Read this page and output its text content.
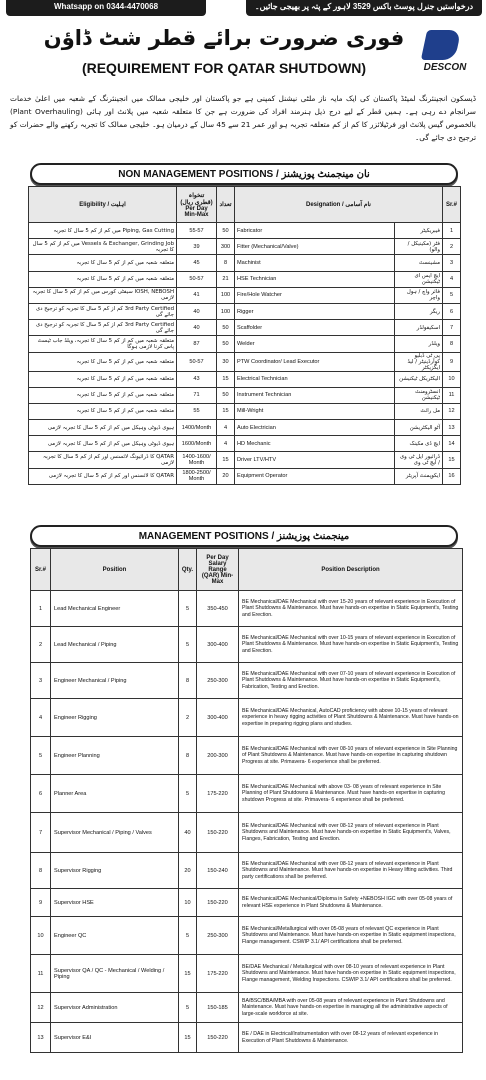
Whatsapp on 0344-4470068	درخواستیں جنرل پوسٹ باکس 3529 لاہور کے پتہ پر بھیجی جائیں۔
فوری ضرورت برائے قطر شٹ ڈاؤن
(REQUIREMENT FOR QATAR SHUTDOWN)	DESCON
ڈیسکون انجینئرنگ لمیٹڈ پاکستان کی ایک مایہ ناز ملٹی نیشنل کمپنی ہے جو پاکستان اور خلیجی ممالک میں انجینئرنگ کے شعبہ میں اعلیٰ خدمات سرانجام دے رہی ہے۔ ہمیں قطر کے لیے درج ذیل ہنرمند افراد کی ضرورت ہے جن کا متعلقہ شعبہ میں پلانٹ اور ہائی (Plant Overhauling) بالخصوص گیس پلانٹ اور فرٹیلائزر کا کم از کم متعلقہ تجربہ ہو اور عمر 21 سے 45 سال کے درمیان ہو۔ خلیجی ممالک کا تجربہ رکھنے والے حضرات کو ترجیح دی جائے گی۔
NON MANAGEMENT POSITIONS / نان مینجمنٹ پوزیشنز
Eligibility / اہلیت	تنخواہ (قطری ریال) Per Day Min-Max	تعداد	Designation / نام آسامی		Sr.#
Piping, Gas Cutting میں کم از کم 5 سال کا تجربہ	55-57	50	Fabricator	فیبریکیٹر	1
Vessels & Exchanger, Grinding Job میں کم از کم 5 سال کا تجربہ	39	300	Fitter (Mechanical/Valve)	فٹر (مکینیکل / والو)	2
متعلقہ شعبہ میں کم از کم 5 سال کا تجربہ	45	8	Machinist	مشینسٹ	3
متعلقہ شعبہ میں کم از کم 5 سال کا تجربہ	50-57	21	HSE Technician	ایچ ایس ای ٹیکنیشن	4
IOSH, NEBOSH سیفٹی کورس میں کم از کم 5 سال کا تجربہ لازمی	41	100	Fire/Hole Watcher	فائر واچ / ہول واچر	5
3rd Party Certified کم از کم 5 سال کا تجربہ کو ترجیح دی جائے گی	40	100	Rigger	ریگر	6
3rd Party Certified کم از کم 5 سال کا تجربہ کو ترجیح دی جائے گی	40	50	Scaffolder	اسکیفولڈر	7
متعلقہ شعبہ میں کم از کم 5 سال کا تجربہ، ویلڈ جاب ٹیسٹ پاس کرنا لازمی ہوگا	87	50	Welder	ویلڈر	8
متعلقہ شعبہ میں کم از کم 5 سال کا تجربہ	50-57	30	PTW Coordinator/ Lead Executor	پی ٹی ڈبلیو کوآرڈینیٹر / لیڈ ایگزیکٹر	9
متعلقہ شعبہ میں کم از کم 5 سال کا تجربہ	43	15	Electrical Technician	الیکٹریکل ٹیکنیشن	10
متعلقہ شعبہ میں کم از کم 5 سال کا تجربہ	71	50	Instrument Technician	انسٹرومنٹ ٹیکنیشن	11
متعلقہ شعبہ میں کم از کم 5 سال کا تجربہ	55	15	Mill-Wright	مل رائٹ	12
ہیوی ڈیوٹی وہیکل میں کم از کم 5 سال کا تجربہ لازمی	1400/Month	4	Auto Electrician	آٹو الیکٹریشن	13
ہیوی ڈیوٹی وہیکل میں کم از کم 5 سال کا تجربہ لازمی	1600/Month	4	HD Mechanic	ایچ ڈی مکینک	14
QATAR کا ڈرائیونگ لائسنس اور کم از کم 5 سال کا تجربہ لازمی	1400-1600/ Month	15	Driver LTV/HTV	ڈرائیور ایل ٹی وی / ایچ ٹی وی	15
QATAR کا لائسنس اور کم از کم 5 سال کا تجربہ لازمی	1800-2500/ Month	20	Equipment Operator	ایکوپمنٹ آپریٹر	16
MANAGEMENT POSITIONS / مینجمنٹ پوزیشنز
Sr.#	Position	Qty.	Per Day Salary Range (QAR) Min-Max	Position Description
1	Lead Mechanical Engineer	5	350-450	BE Mechanical/DAE Mechanical with over 15-20 years of relevant experience in Execution of Plant Shutdowns & Maintenance. Must have hands-on expertise in Static Equipment's, Testing and Erection.
2	Lead Mechanical / Piping	5	300-400	BE Mechanical/DAE Mechanical with over 10-15 years of relevant experience in Execution of Plant Shutdowns & Maintenance. Must have hands-on expertise in Static Equipment's, Testing and Erection.
3	Engineer Mechanical / Piping	8	250-300	BE Mechanical/DAE Mechanical with over 07-10 years of relevant experience in Execution of Plant Shutdowns & Maintenance. Must have hands-on expertise in Static Equipment's, Fabrication, Testing and Erection.
4	Engineer Rigging	2	300-400	BE Mechanical/DAE Mechanical, AutoCAD proficiency with above 10-15 years of relevant experience in heavy rigging activities of Plant Shutdowns & Maintenance. Must have hands-on expertise in preparing rigging plans and studies.
5	Engineer Planning	8	200-300	BE Mechanical/DAE Mechanical with over 08-10 years of relevant experience in Site Planning of Plant Shutdowns & Maintenance. Must have hands-on expertise in capturing shutdown Progress at site. Primavera- 6 experience shall be preferred.
6	Planner Area	5	175-220	BE Mechanical/DAE Mechanical with above 03- 08 years of relevant experience in Site Planning of Plant Shutdowns & Maintenance. Must have hands-on expertise in capturing shutdown Progress at site. Primavera- 6 experience shall be preferred.
7	Supervisor Mechanical / Piping / Valves	40	150-220	BE Mechanical/DAE Mechanical with over 08-12 years of relevant experience in Plant Shutdowns and Maintenance. Must have hands-on expertise in Static Equipment's, Valves, Flanges, Fabrication, Testing and Erection.
8	Supervisor Rigging	20	150-240	BE Mechanical/DAE Mechanical with over 08-12 years of relevant experience in Plant Shutdowns and Maintenance. Must have hands-on expertise in Heavy lifting activities. Third party certifications shall be preferred.
9	Supervisor HSE	10	150-220	BE Mechanical/DAE Mechanical/Diploma in Safety +NEBOSH IGC with over 05-08 years of relevant HSE experience in Plant Shutdowns & Maintenance.
10	Engineer QC	5	250-300	BE Mechanical/Metallurgical with over 05-08 years of relevant QC experience in Plant Shutdowns and Maintenance. Must have hands-on expertise in Static equipment inspections, Flange management. CSWIP 3.1/ API certifications shall be preferred.
11	Supervisor QA / QC - Mechanical / Welding / Piping	15	175-220	BE/DAE Mechanical / Metallurgical with over 08-10 years of relevant experience in Plant Shutdowns and Maintenance. Must have hands-on expertise in Static equipment inspections, Flange management, Welding Inspections. CSWIP 3.1/ API certifications shall be preferred.
12	Supervisor Administration	5	150-185	BA/BSC/BBA/MBA with over 05-08 years of relevant experience in Plant Shutdowns and Maintenance. Must have hands-on expertise in managing all the administrative aspects of large-scale workforce at site.
13	Supervisor E&I	15	150-220	BE / DAE in Electrical/Instrumentation with over 08-12 years of relevant experience in Execution of Plant Shutdowns & Maintenance.
